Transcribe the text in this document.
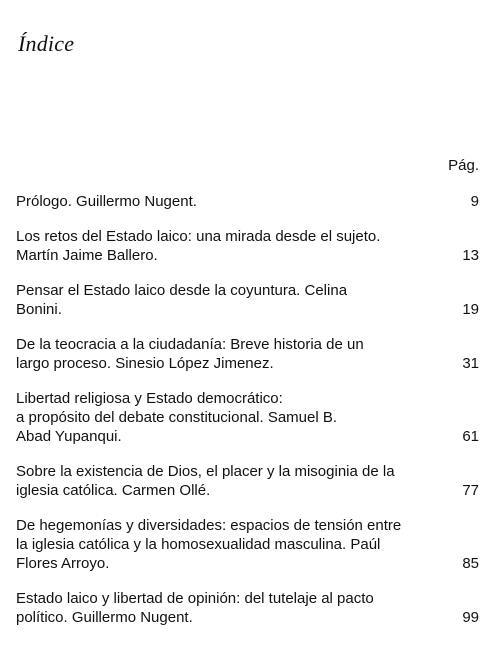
Índice
Pág.
Prólogo. Guillermo Nugent.	9
Los retos del Estado laico: una mirada desde el sujeto.
Martín Jaime Ballero.	13
Pensar el Estado laico desde la coyuntura. Celina
Bonini.	19
De la teocracia a la ciudadanía: Breve historia de un
largo proceso. Sinesio López Jimenez.	31
Libertad religiosa y Estado democrático:
a propósito del debate constitucional. Samuel B.
Abad Yupanqui.	61
Sobre la existencia de Dios, el placer y la misoginia de la
iglesia católica. Carmen Ollé.	77
De hegemonías y diversidades: espacios de tensión entre
la iglesia católica y la homosexualidad masculina. Paúl
Flores Arroyo.	85
Estado laico y libertad de opinión: del tutelaje al pacto
político. Guillermo Nugent.	99
